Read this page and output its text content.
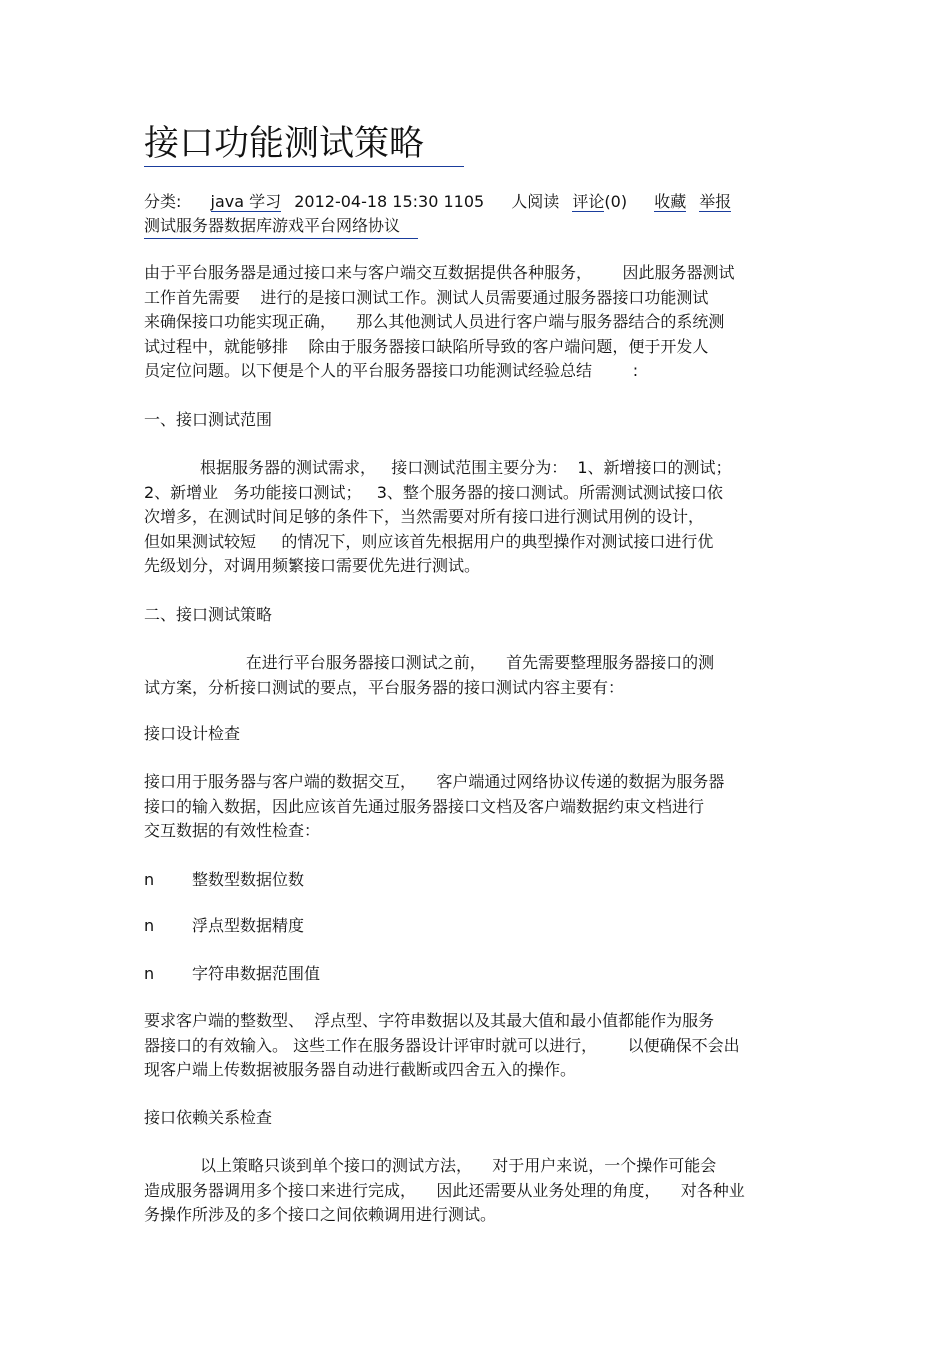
接口功能测试策略
分类: java 学习 2012-04-18 15:30 1105 人阅读 评论(0) 收藏 举报
测试服务器数据库游戏平台网络协议
由于平台服务器是通过接口来与客户端交互数据提供各种服务，      因此服务器测试
工作首先需要    进行的是接口测试工作。测试人员需要通过服务器接口功能测试
来确保接口功能实现正确，    那么其他测试人员进行客户端与服务器结合的系统测
试过程中，就能够排    除由于服务器接口缺陷所导致的客户端问题，便于开发人
员定位问题。以下便是个人的平台服务器接口功能测试经验总结        :
一、接口测试范围
根据服务器的测试需求，   接口测试范围主要分为：  1、新增接口的测试；
2、新增业   务功能接口测试；   3、整个服务器的接口测试。所需测试测试接口依
次增多，在测试时间足够的条件下，当然需要对所有接口进行测试用例的设计，
但如果测试较短     的情况下，则应该首先根据用户的典型操作对测试接口进行优
先级划分，对调用频繁接口需要优先进行测试。
二、接口测试策略
在进行平台服务器接口测试之前，    首先需要整理服务器接口的测
试方案，分析接口测试的要点，平台服务器的接口测试内容主要有：
接口设计检查
接口用于服务器与客户端的数据交互，    客户端通过网络协议传递的数据为服务器
接口的输入数据，因此应该首先通过服务器接口文档及客户端数据约束文档进行
交互数据的有效性检查：
n 整数型数据位数
n 浮点型数据精度
n 字符串数据范围值
要求客户端的整数型、  浮点型、字符串数据以及其最大值和最小值都能作为服务
器接口的有效输入。 这些工作在服务器设计评审时就可以进行，      以便确保不会出
现客户端上传数据被服务器自动进行截断或四舍五入的操作。
接口依赖关系检查
以上策略只谈到单个接口的测试方法，    对于用户来说，一个操作可能会
造成服务器调用多个接口来进行完成，    因此还需要从业务处理的角度，    对各种业
务操作所涉及的多个接口之间依赖调用进行测试。
